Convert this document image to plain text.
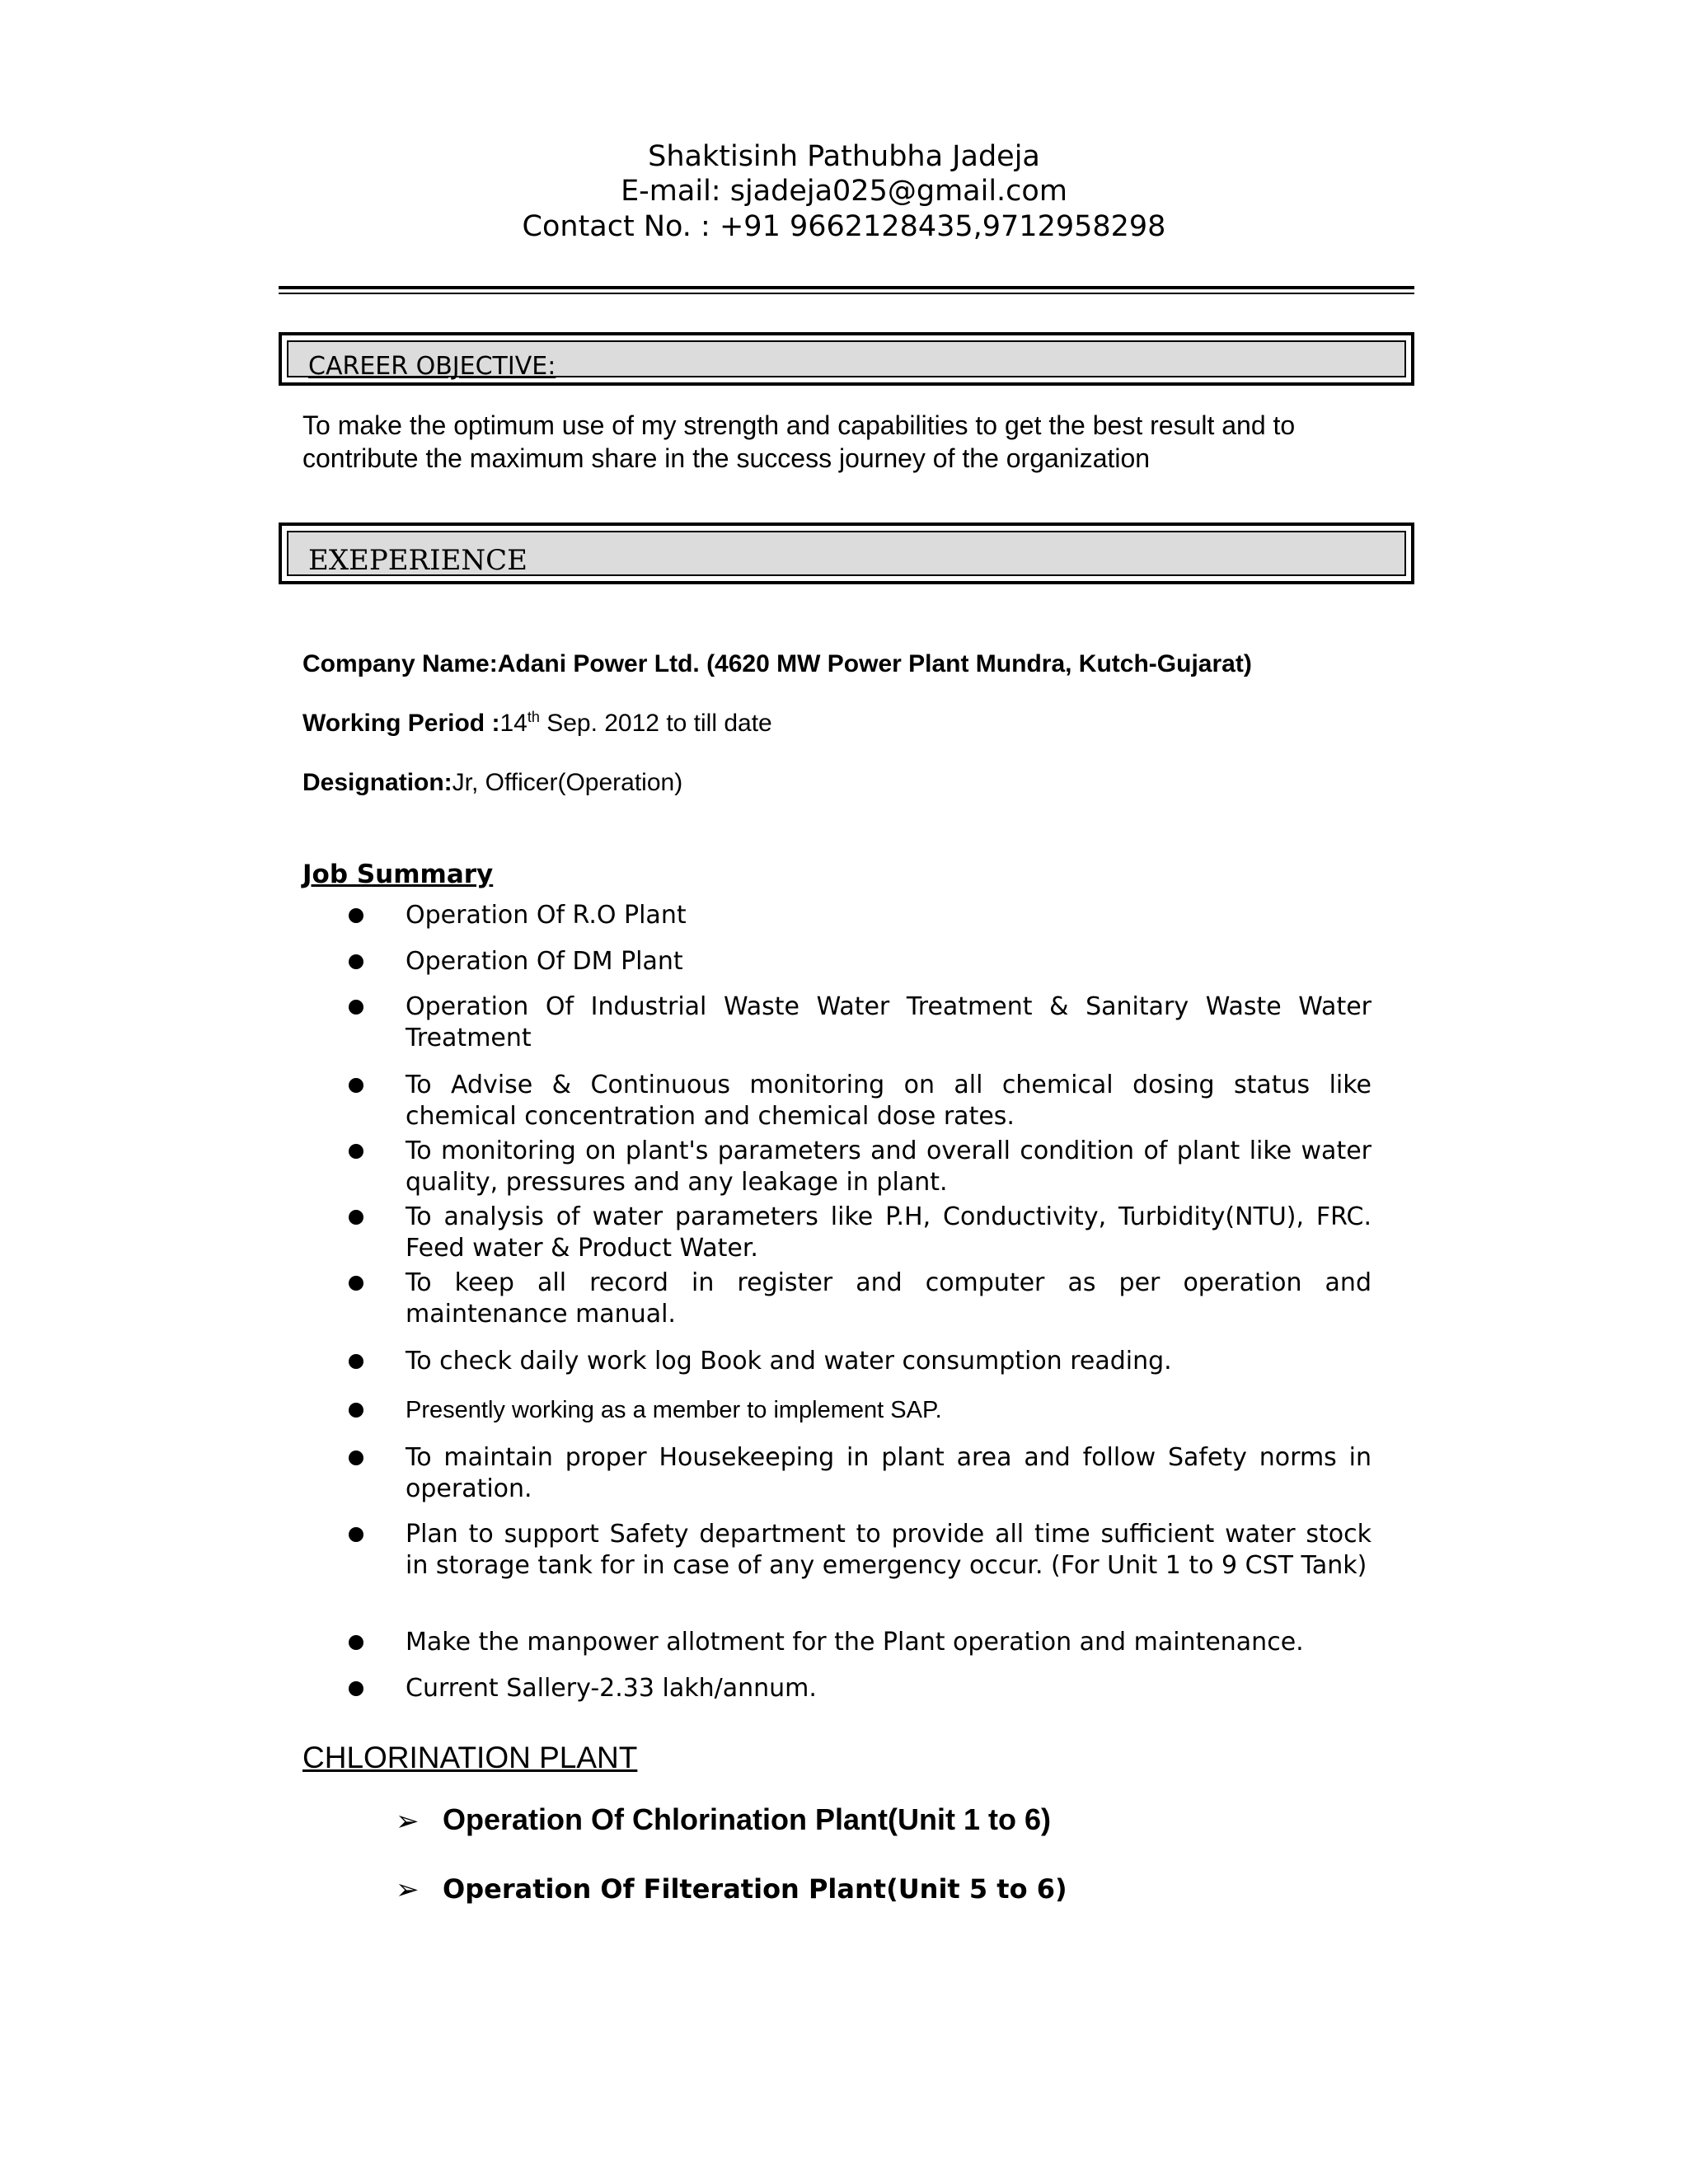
Shaktisinh Pathubha Jadeja
E-mail: sjadeja025@gmail.com
Contact No. : +91 9662128435,9712958298
CAREER OBJECTIVE:
To make the optimum use of my strength and capabilities to get the best result and to contribute the maximum share in the success journey of the organization
EXEPERIENCE
Company Name:Adani Power Ltd. (4620 MW Power Plant Mundra, Kutch-Gujarat)
Working Period :14th Sep. 2012 to till date
Designation:Jr, Officer(Operation)
Job Summary
Operation Of R.O Plant
Operation Of DM Plant
Operation Of Industrial Waste Water Treatment & Sanitary Waste Water Treatment
To Advise & Continuous monitoring on all chemical dosing status like chemical concentration and chemical dose rates.
To monitoring on plant's parameters and overall condition of plant like water quality, pressures and any leakage in plant.
To analysis of water parameters like P.H, Conductivity, Turbidity(NTU), FRC. Feed water & Product Water.
To keep all record in register and computer as per operation and maintenance manual.
To check daily work log Book and water consumption reading.
Presently working as a member to implement SAP.
To maintain proper Housekeeping in plant area and follow Safety norms in operation.
Plan to support Safety department to provide all time sufficient water stock in storage tank for in case of any emergency occur. (For Unit 1 to 9 CST Tank)
Make the manpower allotment for the Plant operation and maintenance.
Current Sallery-2.33 lakh/annum.
CHLORINATION PLANT
➢ Operation Of Chlorination Plant(Unit 1 to 6)
➢ Operation Of Filteration Plant(Unit 5 to 6)
